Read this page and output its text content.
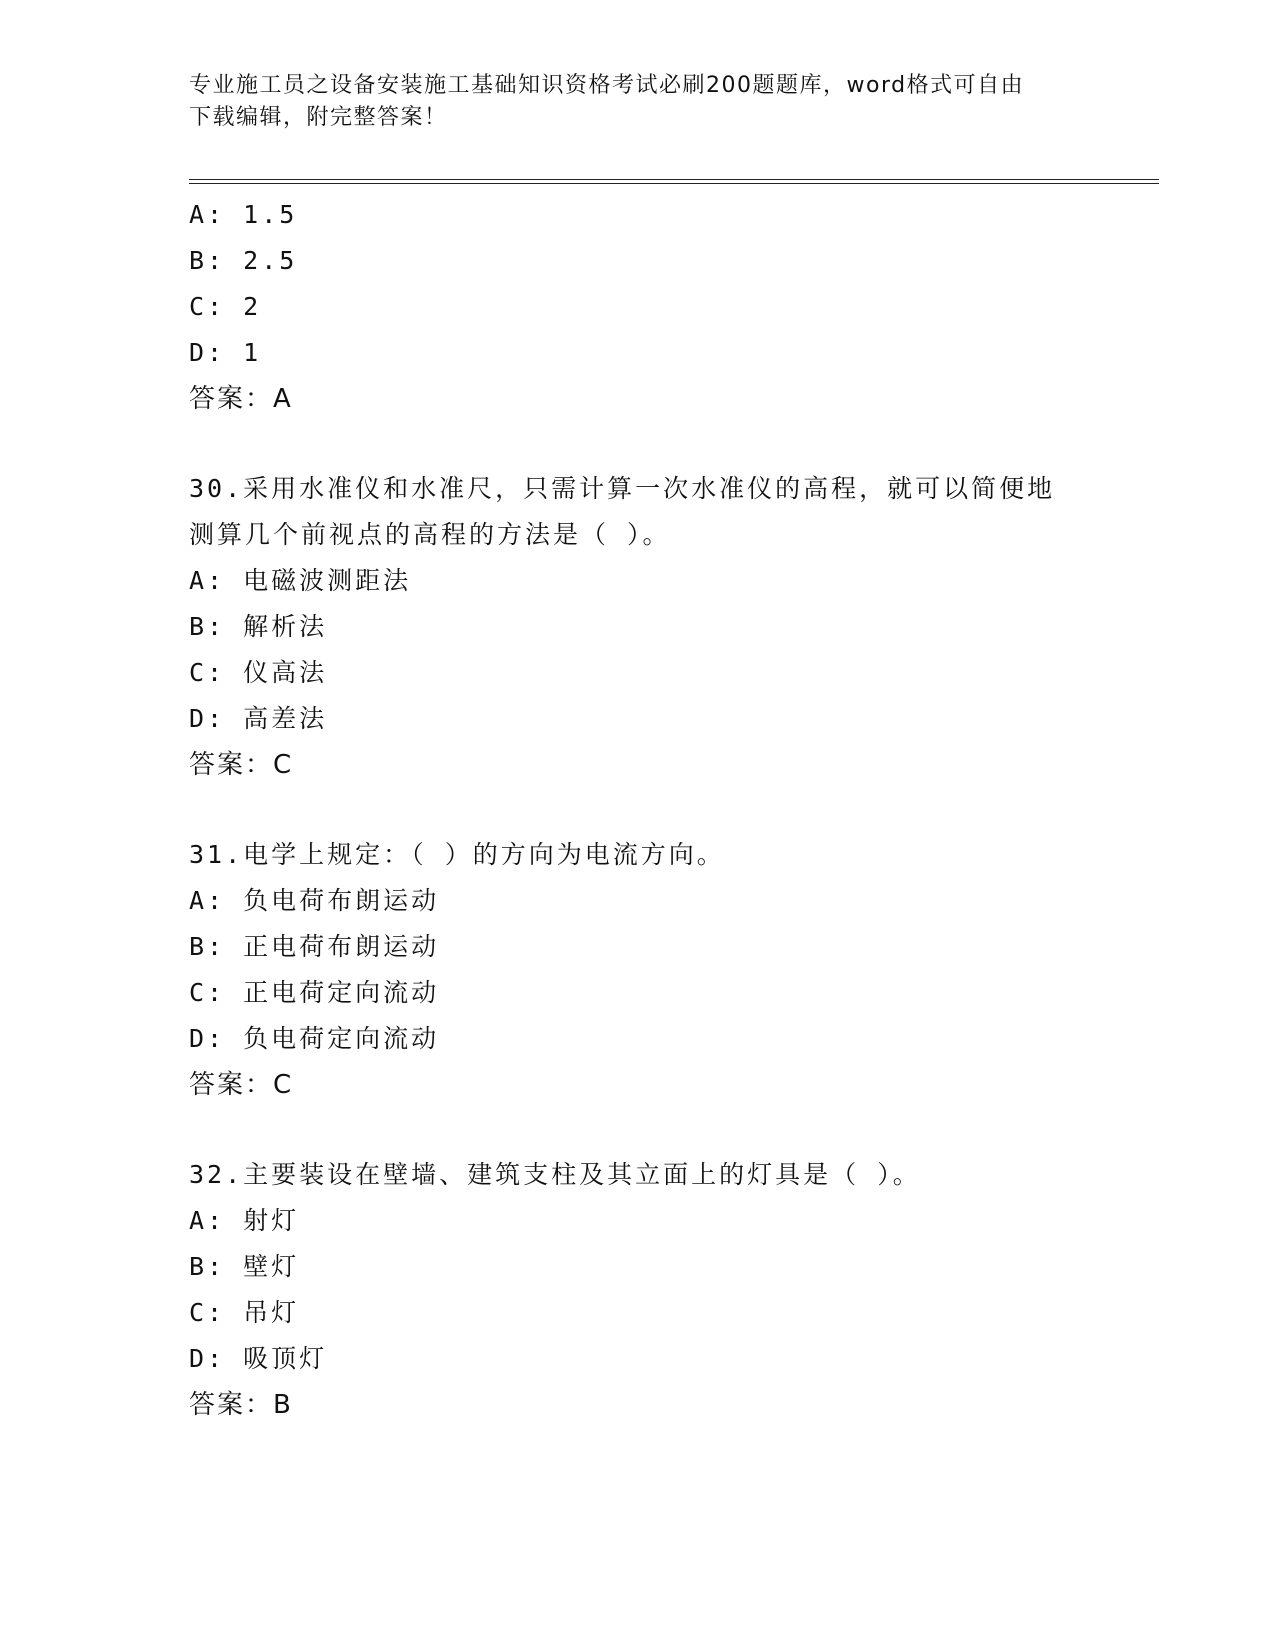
专业施工员之设备安装施工基础知识资格考试必刷200题题库，word格式可自由
下载编辑，附完整答案！
A: 1.5
B: 2.5
C: 2
D: 1
答案：A
30.采用水准仪和水准尺，只需计算一次水准仪的高程，就可以简便地
测算几个前视点的高程的方法是（ ）。
A: 电磁波测距法
B: 解析法
C: 仪高法
D: 高差法
答案：C
31.电学上规定：（ ）的方向为电流方向。
A: 负电荷布朗运动
B: 正电荷布朗运动
C: 正电荷定向流动
D: 负电荷定向流动
答案：C
32.主要装设在壁墙、建筑支柱及其立面上的灯具是（ ）。
A: 射灯
B: 壁灯
C: 吊灯
D: 吸顶灯
答案：B
